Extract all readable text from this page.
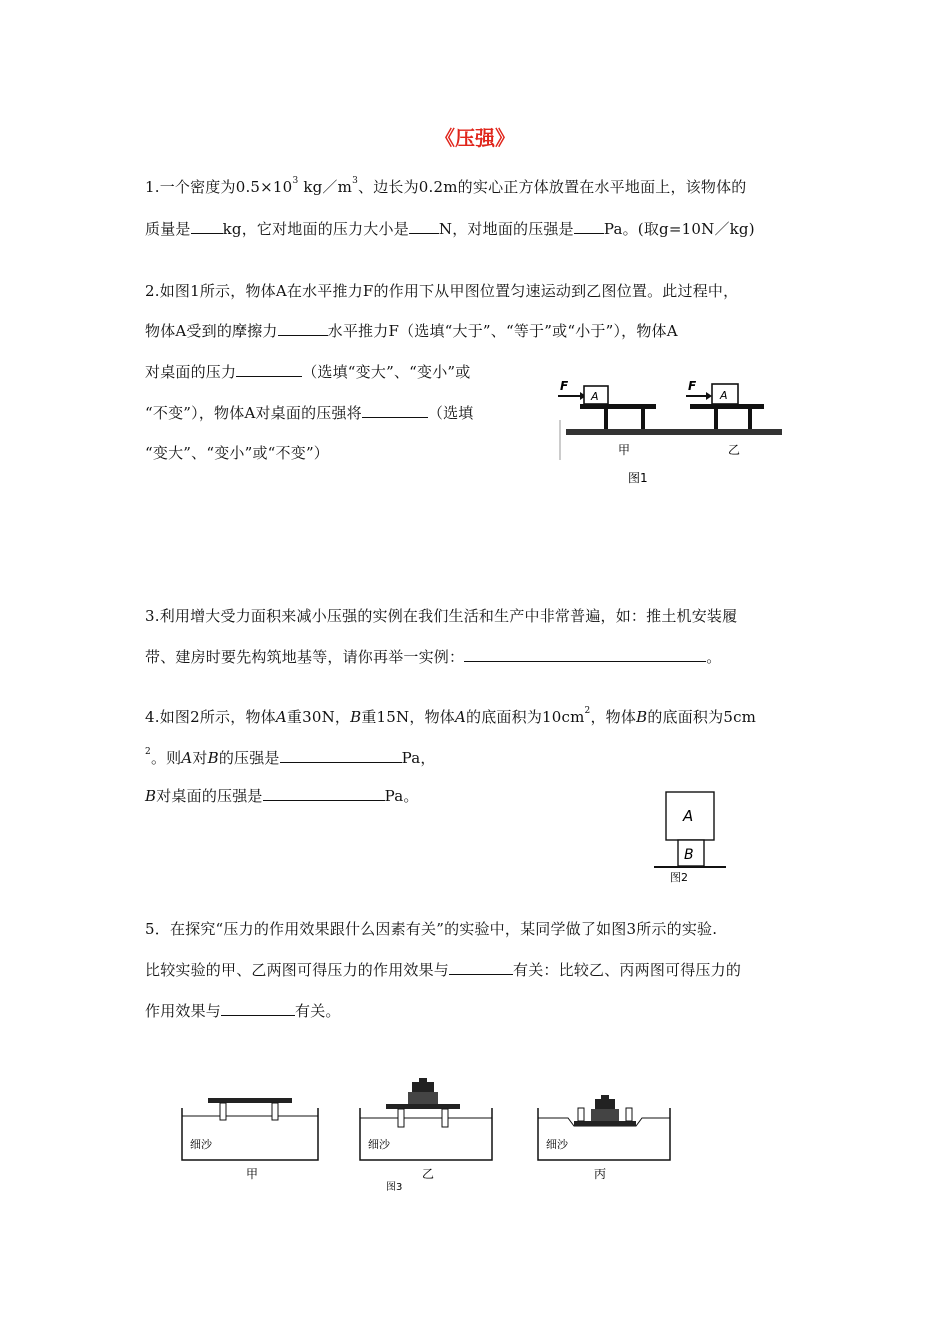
《压强》
1.一个密度为$0.5\times 10^3$ $kg/m^3$、边长为0.2m的实心正方体放置在水平地面上，该物体的
质量是 kg，它对地面的压力大小是 N，对地面的压强是 Pa。(取g=10N／kg)
2.如图1所示，物体A在水平推力F的作用下从甲图位置匀速运动到乙图位置。此过程中，
物体A受到的摩擦力	水平推力F（选填“大于”、“等于”或“小于”），物体A
对桌面的压力	（选填“变大”、“变小”或
“不变”），物体A对桌面的压强将	（选填
“变大”、“变小”或“不变”）
F
A
甲
F
A
乙
图1
3.利用增大受力面积来减小压强的实例在我们生活和生产中非常普遍，如：推土机安装履
带、建房时要先构筑地基等，请你再举一实例：	。
4.如图2所示，物体A重30N，B重15N，物体A的底面积为$10cm^2$，物体B的底面积为5cm
$^2$。则A对B的压强是	Pa，
B对桌面的压强是	Pa。
A
B
图2
5．在探究“压力的作用效果跟什么因素有关”的实验中，某同学做了如图3所示的实验.
比较实验的甲、乙两图可得压力的作用效果与	有关：比较乙、丙两图可得压力的
作用效果与	有关。
细沙
甲
细沙
乙
细沙
丙
图3
